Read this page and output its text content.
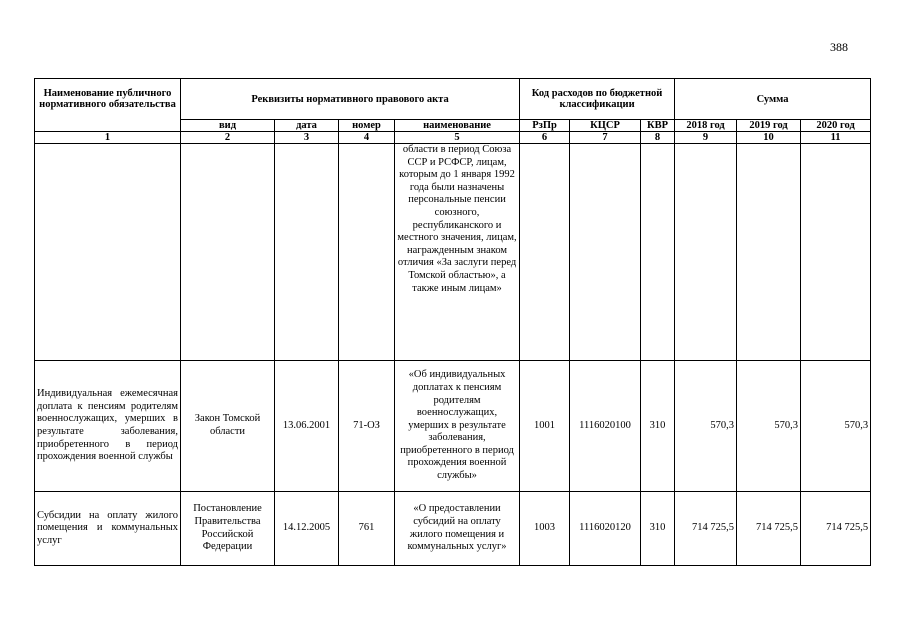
388
Наименование публичного нормативного обязательства	Реквизиты нормативного правового акта				Код расходов по бюджетной классификации			Сумма		
	вид	дата	номер	наименование	РзПр	КЦСР	КВР	2018 год	2019 год	2020 год
1	2	3	4	5	6	7	8	9	10	11
				области в период Союза ССР и РСФСР, лицам, которым до 1 января 1992 года были назначены персональные пенсии союзного, республиканского и местного значения, лицам, награжденным знаком отличия «За заслуги перед Томской областью», а также иным лицам»						
Индивидуальная ежемесячная доплата к пенсиям родителям военнослужащих, умерших в результате заболевания, приобретенного в период прохождения военной службы	Закон Томской области	13.06.2001	71-ОЗ	«Об индивидуальных доплатах к пенсиям родителям военнослужащих, умерших в результате заболевания, приобретенного в период прохождения военной службы»	1001	1116020100	310	570,3	570,3	570,3
Субсидии на оплату жилого помещения и коммунальных услуг	Постановление Правительства Российской Федерации	14.12.2005	761	«О предоставлении субсидий на оплату жилого помещения и коммунальных услуг»	1003	1116020120	310	714 725,5	714 725,5	714 725,5
